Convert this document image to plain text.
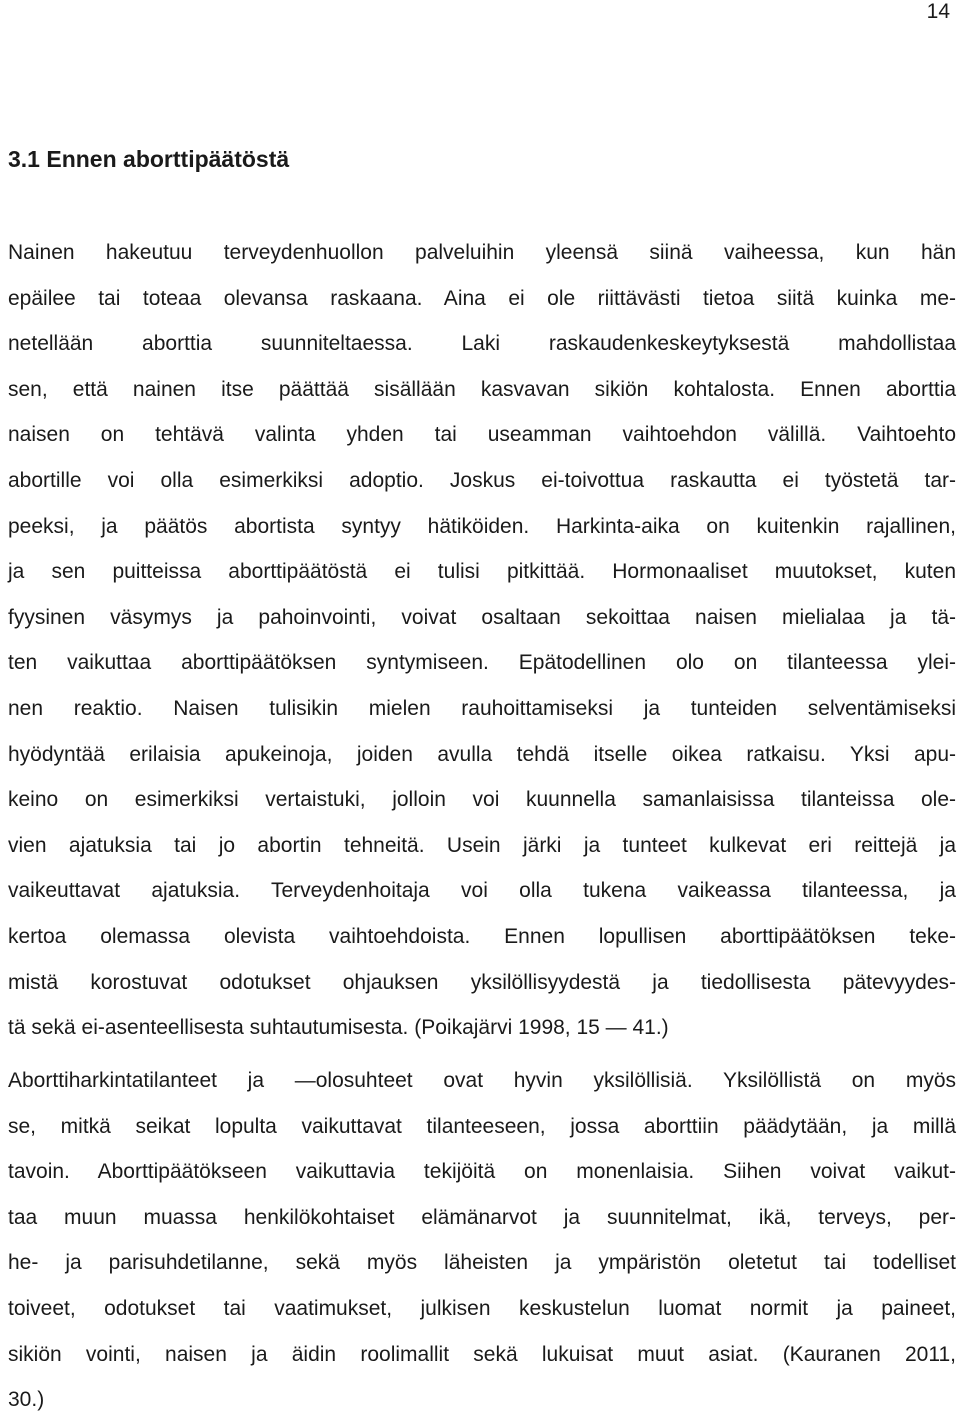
14
3.1 Ennen aborttipäätöstä
Nainen hakeutuu terveydenhuollon palveluihin yleensä siinä vaiheessa, kun hän
epäilee tai toteaa olevansa raskaana. Aina ei ole riittävästi tietoa siitä kuinka me-
netellään aborttia suunniteltaessa. Laki raskaudenkeskeytyksestä mahdollistaa
sen, että nainen itse päättää sisällään kasvavan sikiön kohtalosta. Ennen aborttia
naisen on tehtävä valinta yhden tai useamman vaihtoehdon välillä. Vaihtoehto
abortille voi olla esimerkiksi adoptio. Joskus ei-toivottua raskautta ei työstetä tar-
peeksi, ja päätös abortista syntyy hätiköiden. Harkinta-aika on kuitenkin rajallinen,
ja sen puitteissa aborttipäätöstä ei tulisi pitkittää. Hormonaaliset muutokset, kuten
fyysinen väsymys ja pahoinvointi, voivat osaltaan sekoittaa naisen mielialaa ja tä-
ten vaikuttaa aborttipäätöksen syntymiseen. Epätodellinen olo on tilanteessa ylei-
nen reaktio. Naisen tulisikin mielen rauhoittamiseksi ja tunteiden selventämiseksi
hyödyntää erilaisia apukeinoja, joiden avulla tehdä itselle oikea ratkaisu. Yksi apu-
keino on esimerkiksi vertaistuki, jolloin voi kuunnella samanlaisissa tilanteissa ole-
vien ajatuksia tai jo abortin tehneitä. Usein järki ja tunteet kulkevat eri reittejä ja
vaikeuttavat ajatuksia. Terveydenhoitaja voi olla tukena vaikeassa tilanteessa, ja
kertoa olemassa olevista vaihtoehdoista. Ennen lopullisen aborttipäätöksen teke-
mistä korostuvat odotukset ohjauksen yksilöllisyydestä ja tiedollisesta pätevyydes-
tä sekä ei-asenteellisesta suhtautumisesta. (Poikajärvi 1998, 15 — 41.)
Aborttiharkintatilanteet ja —olosuhteet ovat hyvin yksilöllisiä. Yksilöllistä on myös
se, mitkä seikat lopulta vaikuttavat tilanteeseen, jossa aborttiin päädytään, ja millä
tavoin. Aborttipäätökseen vaikuttavia tekijöitä on monenlaisia. Siihen voivat vaikut-
taa muun muassa henkilökohtaiset elämänarvot ja suunnitelmat, ikä, terveys, per-
he- ja parisuhdetilanne, sekä myös läheisten ja ympäristön oletetut tai todelliset
toiveet, odotukset tai vaatimukset, julkisen keskustelun luomat normit ja paineet,
sikiön vointi, naisen ja äidin roolimallit sekä lukuisat muut asiat. (Kauranen 2011,
30.)
